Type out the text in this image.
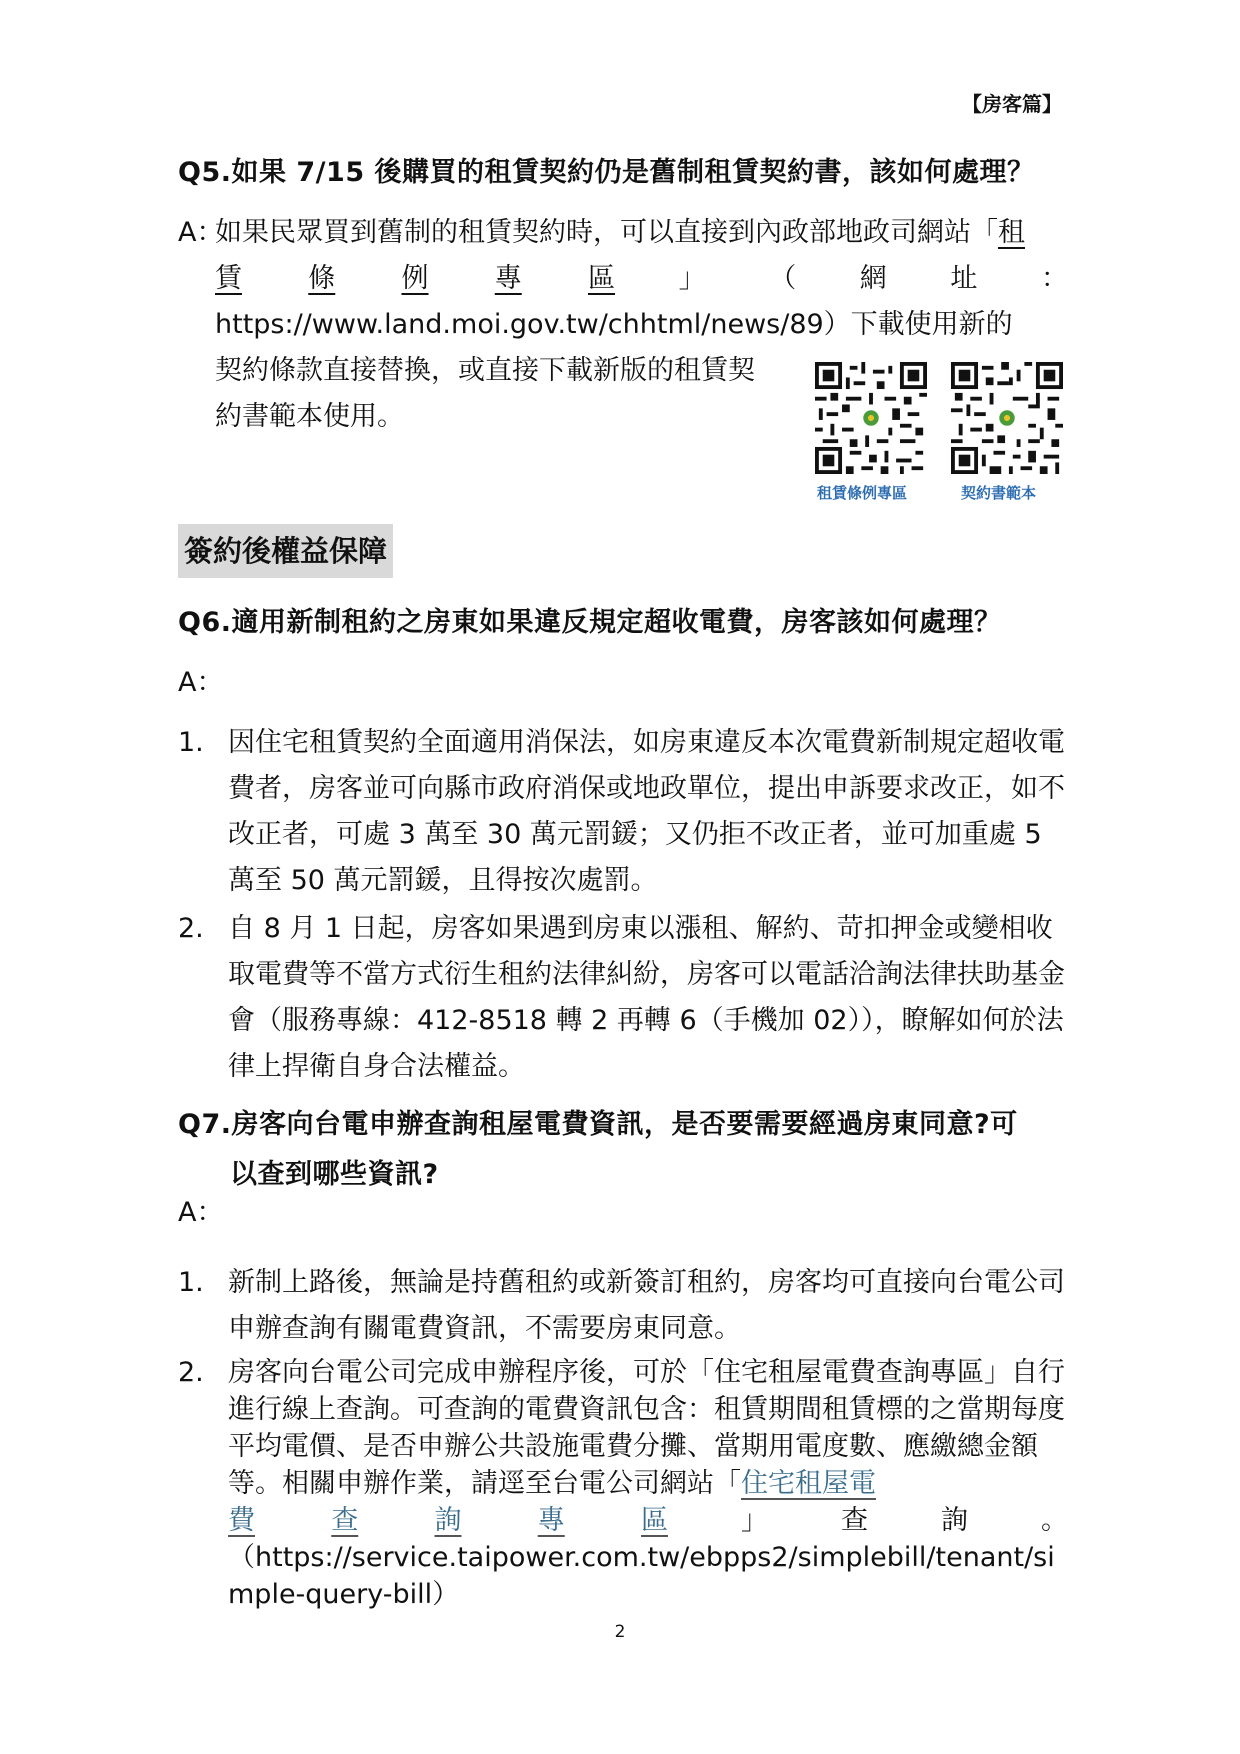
【房客篇】
Q5.如果 7/15 後購買的租賃契約仍是舊制租賃契約書，該如何處理？
A：如果民眾買到舊制的租賃契約時，可以直接到內政部地政司網站「租
賃 條 例 專 區 」 （ 網 址 ：
https://www.land.moi.gov.tw/chhtml/news/89）下載使用新的
契約條款直接替換，或直接下載新版的租賃契
約書範本使用。
租賃條例專區	契約書範本
簽約後權益保障
Q6.適用新制租約之房東如果違反規定超收電費，房客該如何處理？
A：
1. 因住宅租賃契約全面適用消保法，如房東違反本次電費新制規定超收電費者，房客並可向縣市政府消保或地政單位，提出申訴要求改正，如不改正者，可處 3 萬至 30 萬元罰鍰；又仍拒不改正者，並可加重處 5 萬至 50 萬元罰鍰，且得按次處罰。
2. 自 8 月 1 日起，房客如果遇到房東以漲租、解約、苛扣押金或變相收取電費等不當方式衍生租約法律糾紛，房客可以電話洽詢法律扶助基金會（服務專線：412-8518 轉 2 再轉 6（手機加 02）），瞭解如何於法律上捍衛自身合法權益。
Q7.房客向台電申辦查詢租屋電費資訊，是否要需要經過房東同意?可
以查到哪些資訊?
A：
1. 新制上路後，無論是持舊租約或新簽訂租約，房客均可直接向台電公司申辦查詢有關電費資訊，不需要房東同意。
2. 房客向台電公司完成申辦程序後，可於「住宅租屋電費查詢專區」自行進行線上查詢。可查詢的電費資訊包含：租賃期間租賃標的之當期每度平均電價、是否申辦公共設施電費分攤、當期用電度數、應繳總金額等。相關申辦作業，請逕至台電公司網站「住宅租屋電
費	查	詢	專	區	」	查	詢	。
（https://service.taipower.com.tw/ebpps2/simplebill/tenant/simple-query-bill）
2
